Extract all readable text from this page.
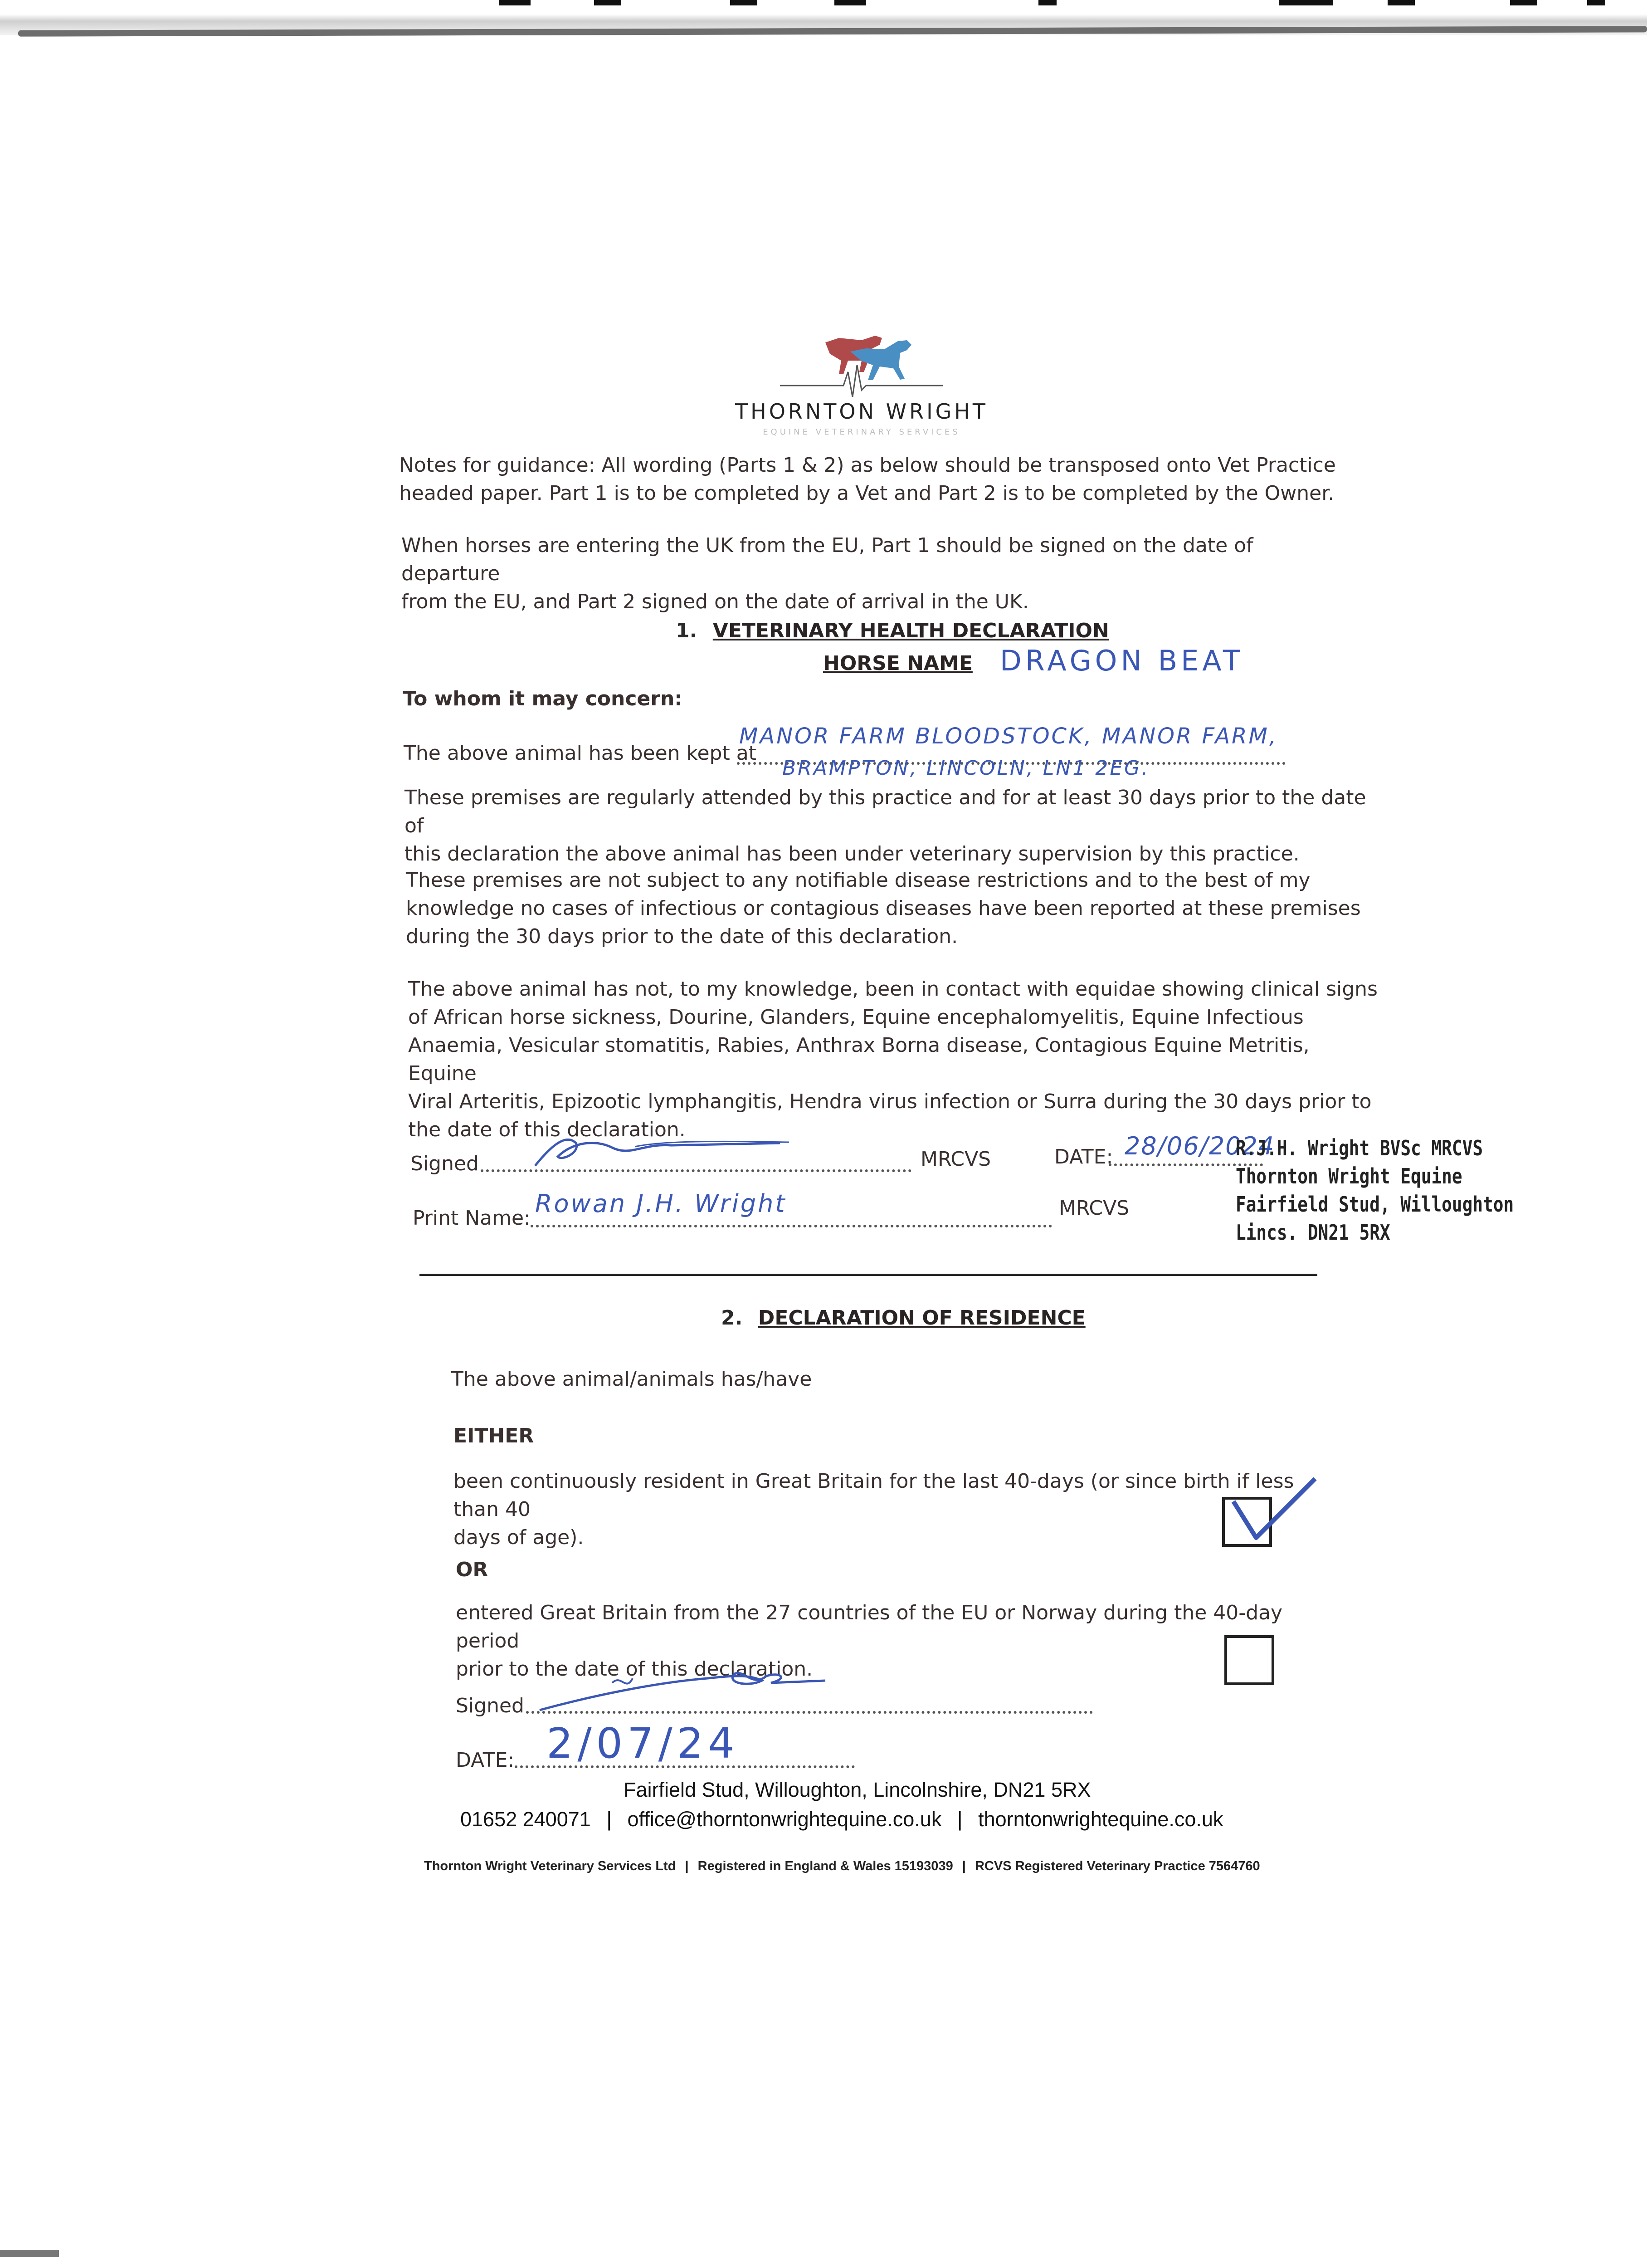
THORNTON WRIGHT
EQUINE VETERINARY SERVICES
Notes for guidance: All wording (Parts 1 & 2) as below should be transposed onto Vet Practice
headed paper. Part 1 is to be completed by a Vet and Part 2 is to be completed by the Owner.
When horses are entering the UK from the EU, Part 1 should be signed on the date of departure
from the EU, and Part 2 signed on the date of arrival in the UK.
1. VETERINARY HEALTH DECLARATION
HORSE NAME DRAGON BEAT
To whom it may concern:
The above animal has been kept at
MANOR FARM BLOODSTOCK, MANOR FARM,
BRAMPTON, LINCOLN, LN1 2EG.
These premises are regularly attended by this practice and for at least 30 days prior to the date of
this declaration the above animal has been under veterinary supervision by this practice.
These premises are not subject to any notifiable disease restrictions and to the best of my
knowledge no cases of infectious or contagious diseases have been reported at these premises
during the 30 days prior to the date of this declaration.
The above animal has not, to my knowledge, been in contact with equidae showing clinical signs
of African horse sickness, Dourine, Glanders, Equine encephalomyelitis, Equine Infectious
Anaemia, Vesicular stomatitis, Rabies, Anthrax Borna disease, Contagious Equine Metritis, Equine
Viral Arteritis, Epizootic lymphangitis, Hendra virus infection or Surra during the 30 days prior to
the date of this declaration.
Signed	MRCVS	DATE: 28/06/2024
Print Name:
Rowan J.H. Wright	MRCVS
R.J.H. Wright BVSc MRCVS
Thornton Wright Equine
Fairfield Stud, Willoughton
Lincs. DN21 5RX
2. DECLARATION OF RESIDENCE
The above animal/animals has/have
EITHER
been continuously resident in Great Britain for the last 40-days (or since birth if less than 40
days of age).
OR
entered Great Britain from the 27 countries of the EU or Norway during the 40-day period
prior to the date of this declaration.
Signed
DATE: 2/07/24
Fairfield Stud, Willoughton, Lincolnshire, DN21 5RX
01652 240071 | office@thorntonwrightequine.co.uk | thorntonwrightequine.co.uk
Thornton Wright Veterinary Services Ltd | Registered in England & Wales 15193039 | RCVS Registered Veterinary Practice 7564760
